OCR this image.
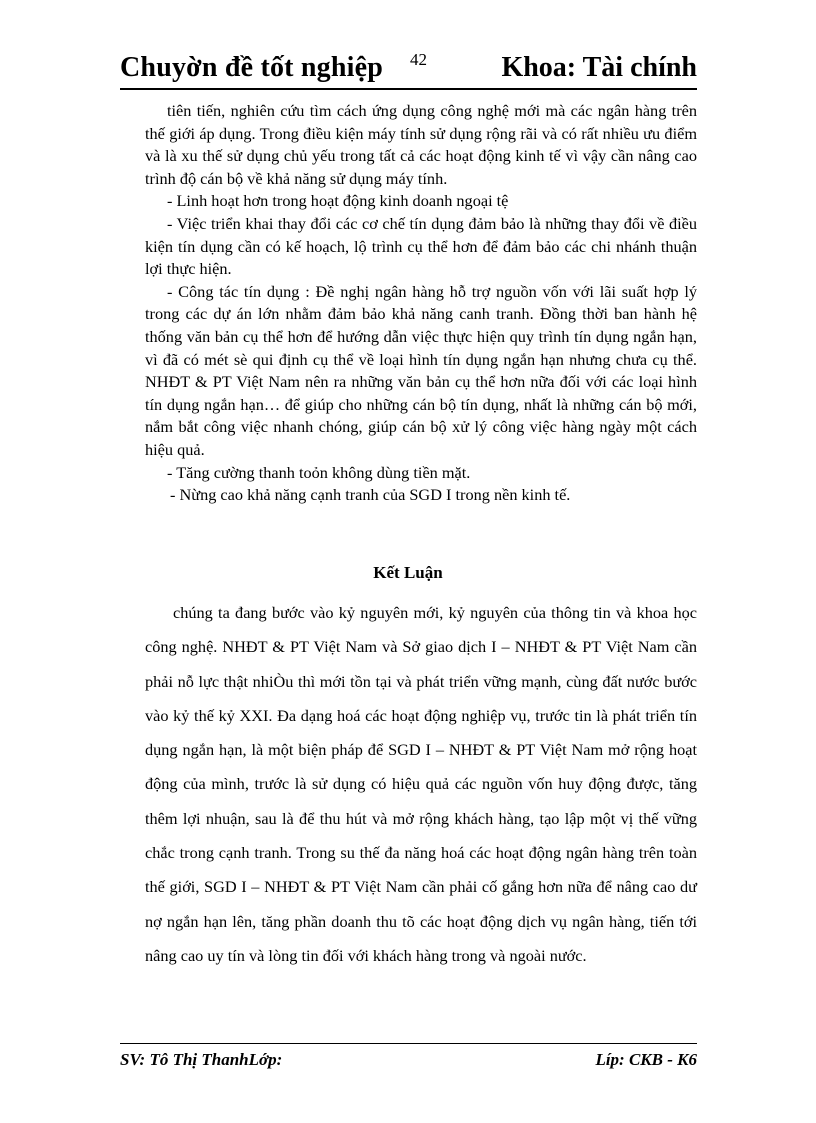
Chuyờn đề tốt nghiệp 42	Khoa: Tài chính

tiên tiến, nghiên cứu tìm cách ứng dụng công nghệ mới mà các ngân hàng trên thế giới áp dụng. Trong điều kiện máy tính sử dụng rộng rãi và có rất nhiều ưu điểm và là xu thế sử dụng chủ yếu trong tất cả các hoạt động kinh tế vì vậy cần nâng cao trình độ cán bộ về khả năng sử dụng máy tính.

- Linh hoạt hơn trong hoạt động kinh doanh ngoại tệ

- Việc triển khai thay đổi các cơ chế tín dụng đảm bảo là những thay đổi về điều kiện tín dụng cần có kế hoạch, lộ trình cụ thể hơn để đảm bảo các chi nhánh thuận lợi thực hiện.

- Công tác tín dụng : Đề nghị ngân hàng hỗ trợ nguồn vốn với lãi suất hợp lý trong các dự án lớn nhằm đảm bảo khả năng canh tranh. Đồng thời ban hành hệ thống văn bản cụ thể hơn để hướng dẫn việc thực hiện quy trình tín dụng ngắn hạn, vì đã có mét sè qui định cụ thể về loại hình tín dụng ngắn hạn nhưng chưa cụ thể. NHĐT & PT Việt Nam nên ra những văn bản cụ thể hơn nữa đối với các loại hình tín dụng ngắn hạn… để giúp cho những cán bộ tín dụng, nhất là những cán bộ mới, nắm bắt công việc nhanh chóng, giúp cán bộ xử lý công việc hàng ngày một cách hiệu quả.

- Tăng cường thanh toỏn không dùng tiền mặt.

- Nừng cao khả năng cạnh tranh của SGD I trong nền kinh tế.

Kết Luận

chúng ta đang bước vào kỷ nguyên mới, kỷ nguyên của thông tin và khoa học công nghệ. NHĐT & PT Việt Nam và Sở giao dịch I – NHĐT & PT Việt Nam cần phải nỗ lực thật nhiÒu thì mới tồn tại và phát triển vững mạnh, cùng đất nước bước vào kỷ thế kỷ XXI. Đa dạng hoá các hoạt động nghiệp vụ, trước tin là phát triển tín dụng ngắn hạn, là một biện pháp để SGD I – NHĐT & PT Việt Nam mở rộng hoạt động của mình, trước là sử dụng có hiệu quả các nguồn vốn huy động được, tăng thêm lợi nhuận, sau là để thu hút và mở rộng khách hàng, tạo lập một vị thế vững chắc trong cạnh tranh. Trong su thế đa năng hoá các hoạt động ngân hàng trên toàn thế giới, SGD I – NHĐT & PT Việt Nam cần phải cố gắng hơn nữa để nâng cao dư nợ ngắn hạn lên, tăng phần doanh thu tõ các hoạt động dịch vụ ngân hàng, tiến tới nâng cao uy tín và lòng tin đối với khách hàng trong và ngoài nước.

SV: Tô Thị ThanhLớp:	Líp: CKB - K6
